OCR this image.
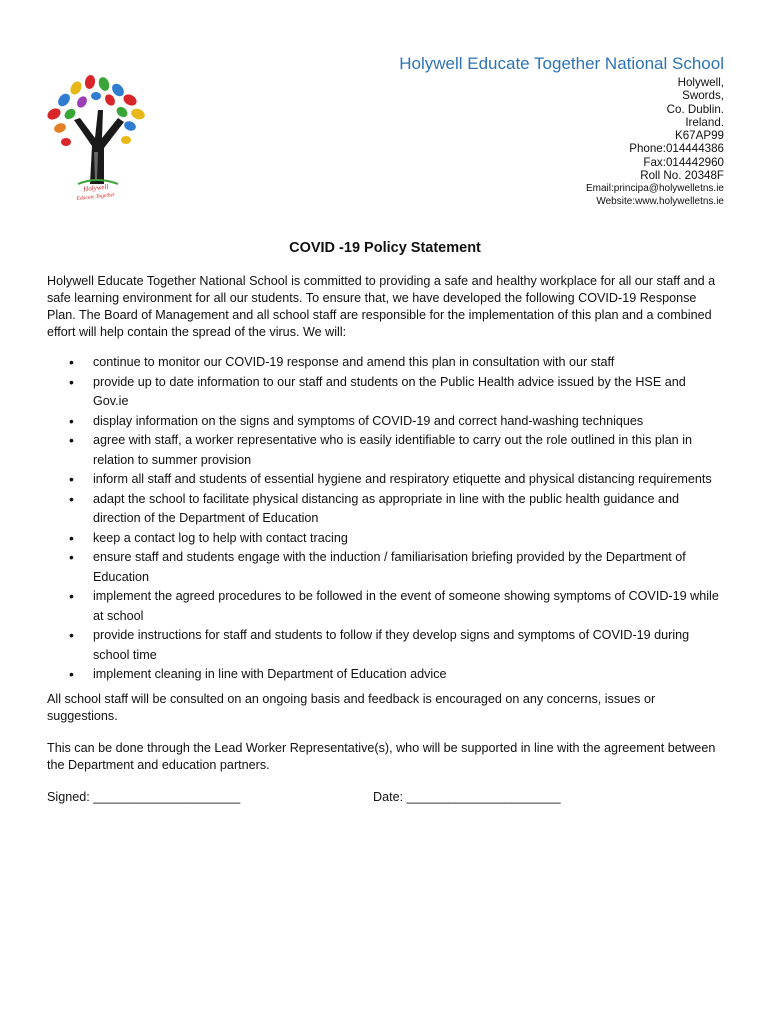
Holywell
Educate Together
Holywell Educate Together National School
Holywell,
Swords,
Co. Dublin.
Ireland.
K67AP99
Phone:014444386
Fax:014442960
Roll No. 20348F
Email:principa@holywelletns.ie
Website:www.holywelletns.ie
COVID -19 Policy Statement

Holywell Educate Together National School is committed to providing a safe and healthy workplace for all our staff and a safe learning environment for all our students. To ensure that, we have developed the following COVID-19 Response Plan. The Board of Management and all school staff are responsible for the implementation of this plan and a combined effort will help contain the spread of the virus. We will:

• continue to monitor our COVID-19 response and amend this plan in consultation with our staff
• provide up to date information to our staff and students on the Public Health advice issued by the HSE and Gov.ie
• display information on the signs and symptoms of COVID-19 and correct hand-washing techniques
• agree with staff, a worker representative who is easily identifiable to carry out the role outlined in this plan in relation to summer provision
• inform all staff and students of essential hygiene and respiratory etiquette and physical distancing requirements
• adapt the school to facilitate physical distancing as appropriate in line with the public health guidance and direction of the Department of Education
• keep a contact log to help with contact tracing
• ensure staff and students engage with the induction / familiarisation briefing provided by the Department of Education
• implement the agreed procedures to be followed in the event of someone showing symptoms of COVID-19 while at school
• provide instructions for staff and students to follow if they develop signs and symptoms of COVID-19 during school time
• implement cleaning in line with Department of Education advice

All school staff will be consulted on an ongoing basis and feedback is encouraged on any concerns, issues or suggestions.

This can be done through the Lead Worker Representative(s), who will be supported in line with the agreement between the Department and education partners.

Signed: _____________________	Date: ______________________
